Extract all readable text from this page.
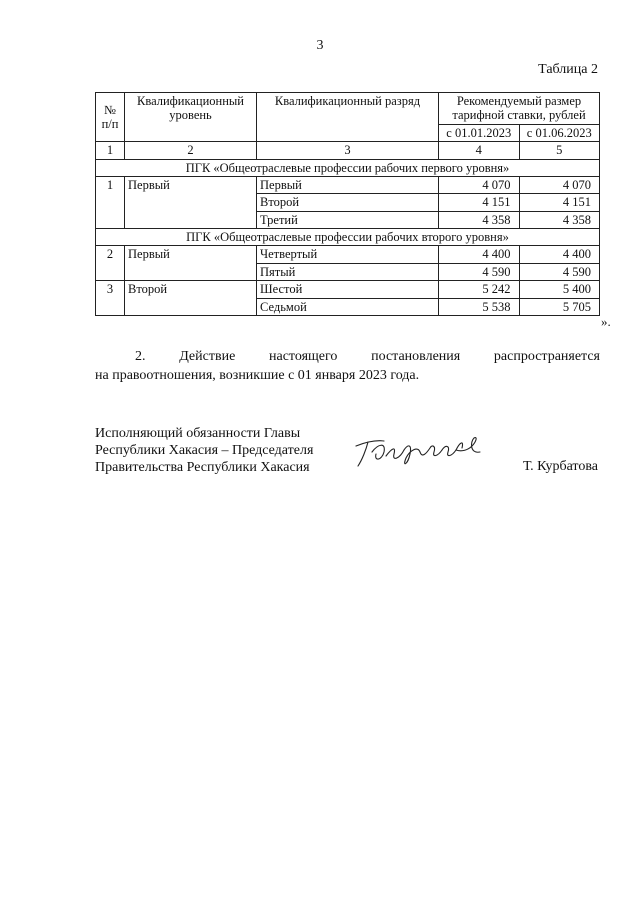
3
Таблица 2
№ п/п	Квалификационный уровень	Квалификационный разряд	Рекомендуемый размер тарифной ставки, рублей	
			с 01.01.2023	с 01.06.2023
1	2	3	4	5
ПГК «Общеотраслевые профессии рабочих первого уровня»				
1	Первый	Первый	4 070	4 070
		Второй	4 151	4 151
		Третий	4 358	4 358
ПГК «Общеотраслевые профессии рабочих второго уровня»				
2	Первый	Четвертый	4 400	4 400
		Пятый	4 590	4 590
3	Второй	Шестой	5 242	5 400
		Седьмой	5 538	5 705
».
2. Действие настоящего постановления распространяется
на правоотношения, возникшие с 01 января 2023 года.
Исполняющий обязанности Главы
Республики Хакасия – Председателя
Правительства Республики Хакасия	Т. Курбатова
